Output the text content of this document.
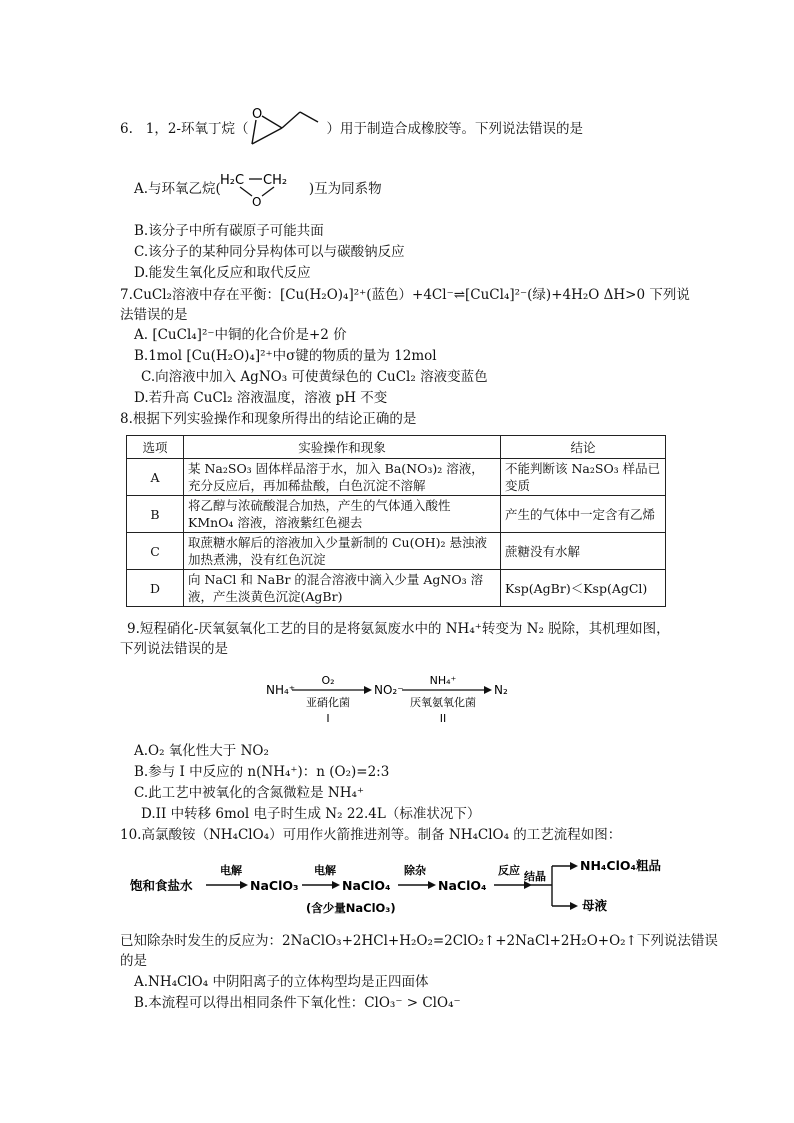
6.   1，2-环氧丁烷（	）用于制造合成橡胶等。下列说法错误的是
O
A.与环氧乙烷(	)互为同系物
H₂C CH₂
O
B.该分子中所有碳原子可能共面
C.该分子的某种同分异构体可以与碳酸钠反应
D.能发生氧化反应和取代反应
7.CuCl₂溶液中存在平衡：[Cu(H₂O)₄]²⁺(蓝色）+4Cl⁻⇌[CuCl₄]²⁻(绿)+4H₂O ΔH>0 下列说
法错误的是
A. [CuCl₄]²⁻中铜的化合价是+2 价
B.1mol [Cu(H₂O)₄]²⁺中σ键的物质的量为 12mol
C.向溶液中加入 AgNO₃ 可使黄绿色的 CuCl₂ 溶液变蓝色
D.若升高 CuCl₂ 溶液温度，溶液 pH 不变
8.根据下列实验操作和现象所得出的结论正确的是
选项	实验操作和现象	结论
A	某 Na₂SO₃ 固体样品溶于水，加入 Ba(NO₃)₂ 溶液，充分反应后，再加稀盐酸，白色沉淀不溶解	不能判断该 Na₂SO₃ 样品已变质
B	将乙醇与浓硫酸混合加热，产生的气体通入酸性 KMnO₄ 溶液，溶液紫红色褪去	产生的气体中一定含有乙烯
C	取蔗糖水解后的溶液加入少量新制的 Cu(OH)₂ 悬浊液加热煮沸，没有红色沉淀	蔗糖没有水解
D	向 NaCl 和 NaBr 的混合溶液中滴入少量 AgNO₃ 溶液，产生淡黄色沉淀(AgBr)	Ksp(AgBr)＜Ksp(AgCl)
9.短程硝化-厌氧氨氧化工艺的目的是将氨氮废水中的 NH₄⁺转变为 N₂ 脱除，其机理如图，
下列说法错误的是
NH₄⁺
O₂
亚硝化菌
I
NO₂⁻
NH₄⁺
厌氧氨氧化菌
II
N₂
A.O₂ 氧化性大于 NO₂
B.参与 I 中反应的 n(NH₄⁺)：n (O₂)=2:3
C.此工艺中被氧化的含氮微粒是 NH₄⁺
D.II 中转移 6mol 电子时生成 N₂ 22.4L（标准状况下）
10.高氯酸铵（NH₄ClO₄）可用作火箭推进剂等。制备 NH₄ClO₄ 的工艺流程如图：
饱和食盐水
电解
NaClO₃
电解
NaClO₄
(含少量NaClO₃)
除杂
NaClO₄
反应 结晶
NH₄ClO₄粗品
母液
已知除杂时发生的反应为：2NaClO₃+2HCl+H₂O₂=2ClO₂↑+2NaCl+2H₂O+O₂↑下列说法错误
的是
A.NH₄ClO₄ 中阴阳离子的立体构型均是正四面体
B.本流程可以得出相同条件下氧化性：ClO₃⁻ > ClO₄⁻
